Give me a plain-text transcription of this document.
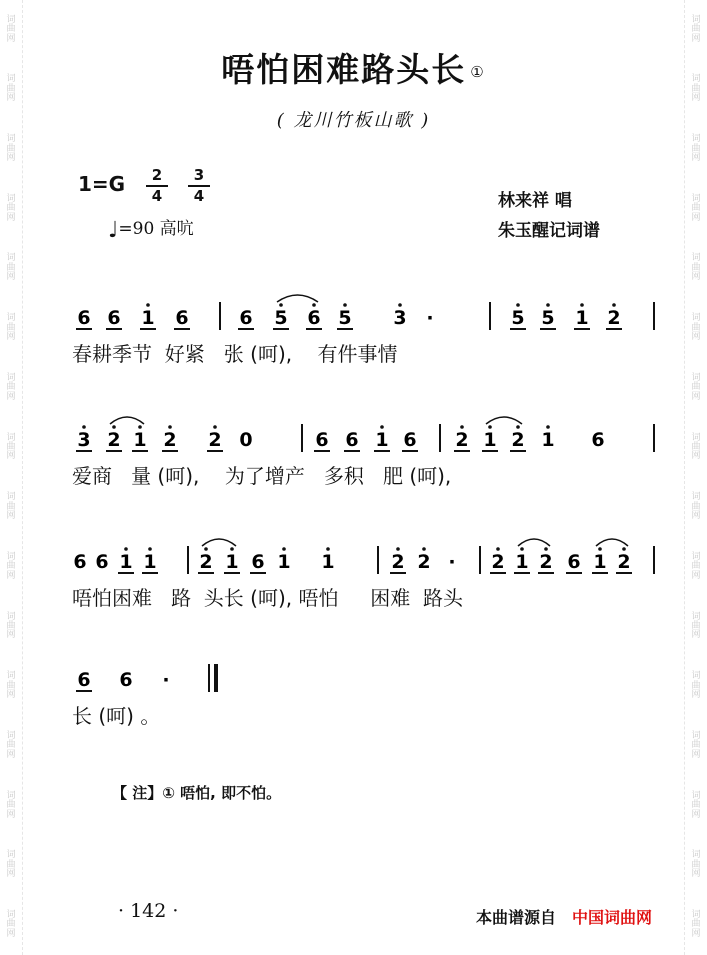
词
曲
网
词
曲
网
词
曲
网
词
曲
网
词
曲
网
词
曲
网
词
曲
网
词
曲
网
词
曲
网
词
曲
网
词
曲
网
词
曲
网
词
曲
网
词
曲
网
词
曲
网
词
曲
网
词
曲
网
词
曲
网
词
曲
网
词
曲
网
词
曲
网
词
曲
网
词
曲
网
词
曲
网
词
曲
网
词
曲
网
词
曲
网
词
曲
网
词
曲
网
词
曲
网
词
曲
网
词
曲
网
唔怕困难路头长 ①
( 龙川竹板山歌 )
$1=G \frac{2}{4} \frac{3}{4}$
♩=90 高吭
林来祥 唱
朱玉醒记词谱
6 6 1 6	6 5 6 5 3 ·	5 5 1 2
春耕季节  好紧   张 (呵),    有件事情
3 2 1 2 2 0	6 6 1 6 2 1 2 1 6
爱商   量 (呵),    为了增产   多积   肥 (呵),
6 6 1 1 2 1 6 1 1	2 2 · 2 1 2 6 1 2
唔怕困难   路  头长 (呵), 唔怕     困难  路头
6 6 ·
长 (呵) 。
【 注】① 唔怕, 即不怕。
· 142 ·	本曲谱源自 中国词曲网
